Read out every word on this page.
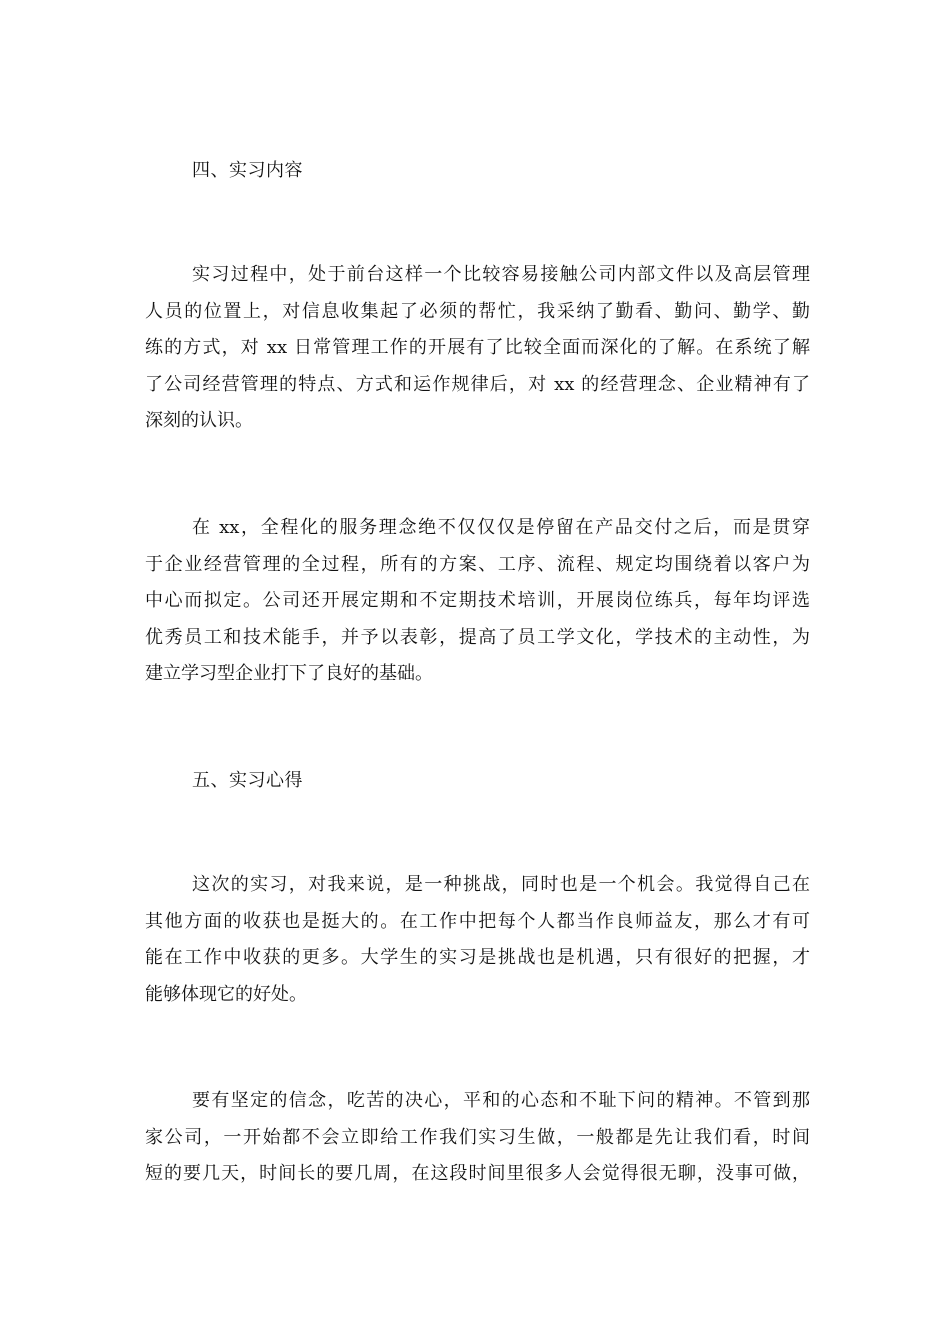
四、实习内容
实习过程中，处于前台这样一个比较容易接触公司内部文件以及高层管理
人员的位置上，对信息收集起了必须的帮忙，我采纳了勤看、勤问、勤学、勤
练的方式，对 xx 日常管理工作的开展有了比较全面而深化的了解。在系统了解
了公司经营管理的特点、方式和运作规律后，对 xx 的经营理念、企业精神有了
深刻的认识。
在 xx，全程化的服务理念绝不仅仅仅是停留在产品交付之后，而是贯穿
于企业经营管理的全过程，所有的方案、工序、流程、规定均围绕着以客户为
中心而拟定。公司还开展定期和不定期技术培训，开展岗位练兵，每年均评选
优秀员工和技术能手，并予以表彰，提高了员工学文化，学技术的主动性，为
建立学习型企业打下了良好的基础。
五、实习心得
这次的实习，对我来说，是一种挑战，同时也是一个机会。我觉得自己在
其他方面的收获也是挺大的。在工作中把每个人都当作良师益友，那么才有可
能在工作中收获的更多。大学生的实习是挑战也是机遇，只有很好的把握，才
能够体现它的好处。
要有坚定的信念，吃苦的决心，平和的心态和不耻下问的精神。不管到那
家公司，一开始都不会立即给工作我们实习生做，一般都是先让我们看，时间
短的要几天，时间长的要几周，在这段时间里很多人会觉得很无聊，没事可做，
